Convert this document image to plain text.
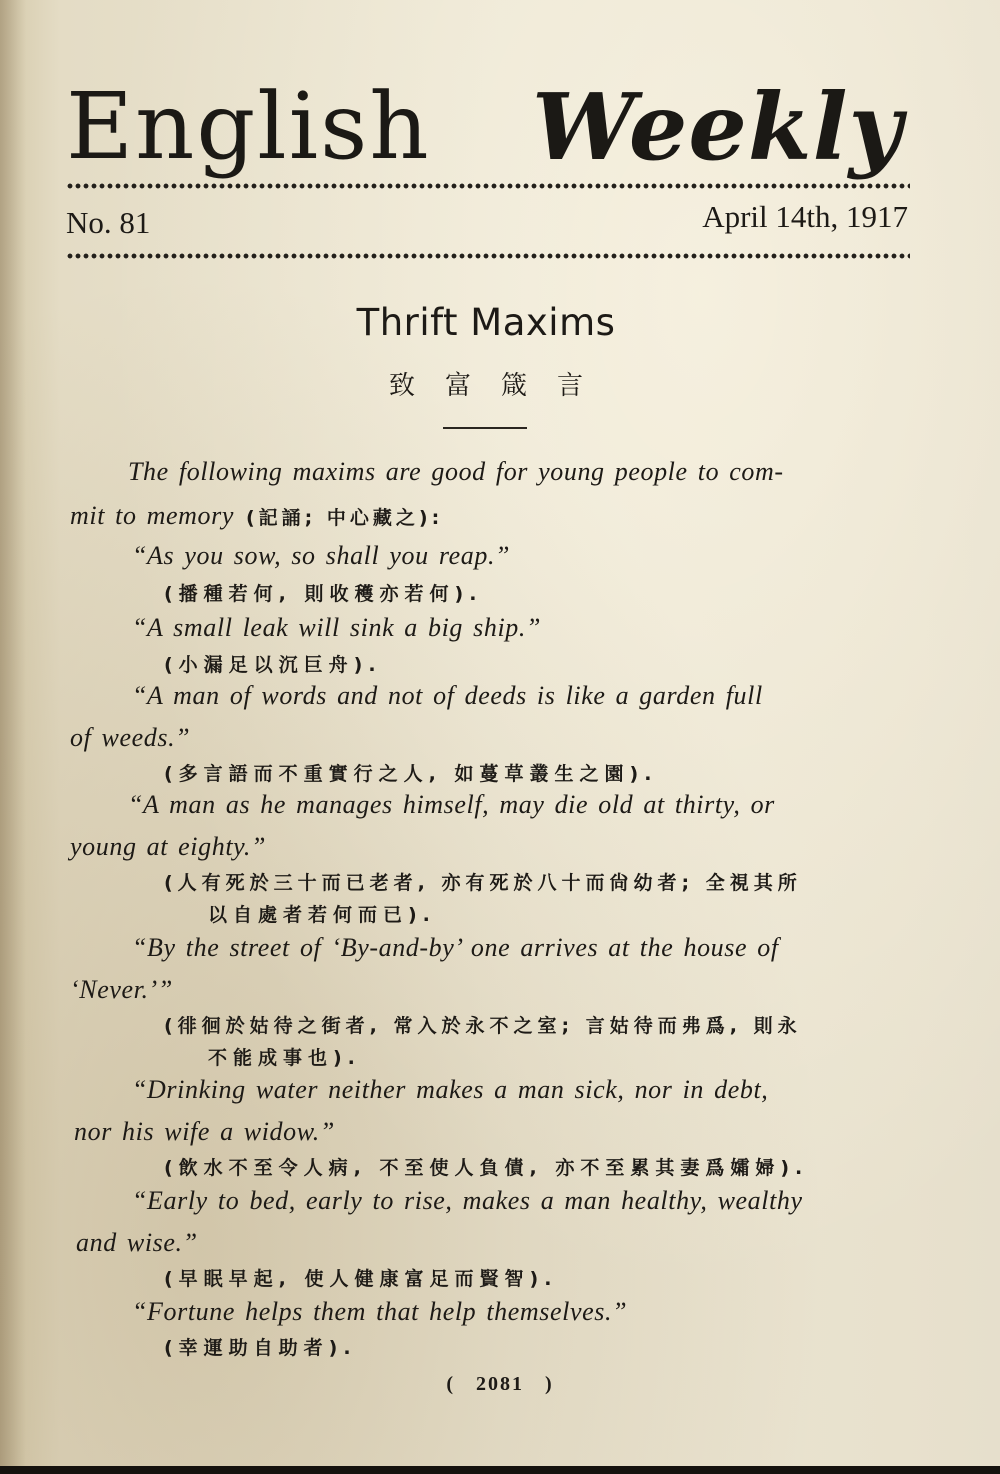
English Weekly
No. 81	April 14th, 1917
Thrift Maxims
致富箴言
The following maxims are good for young people to com-
mit to memory (記誦; 中心藏之):
“As you sow, so shall you reap.”
(播種若何, 則收穫亦若何).
“A small leak will sink a big ship.”
(小漏足以沉巨舟).
“A man of words and not of deeds is like a garden full
of weeds.”
(多言語而不重實行之人, 如蔓草叢生之園).
“A man as he manages himself, may die old at thirty, or
young at eighty.”
(人有死於三十而已老者, 亦有死於八十而尙幼者; 全視其所
以自處者若何而已).
“By the street of ‘By-and-by’ one arrives at the house of
‘Never.’”
(徘徊於姑待之街者, 常入於永不之室; 言姑待而弗爲, 則永
不能成事也).
“Drinking water neither makes a man sick, nor in debt,
nor his wife a widow.”
(飲水不至令人病, 不至使人負債, 亦不至累其妻爲孀婦).
“Early to bed, early to rise, makes a man healthy, wealthy
and wise.”
(早眠早起, 使人健康富足而賢智).
“Fortune helps them that help themselves.”
(幸運助自助者).
( 2081 )
